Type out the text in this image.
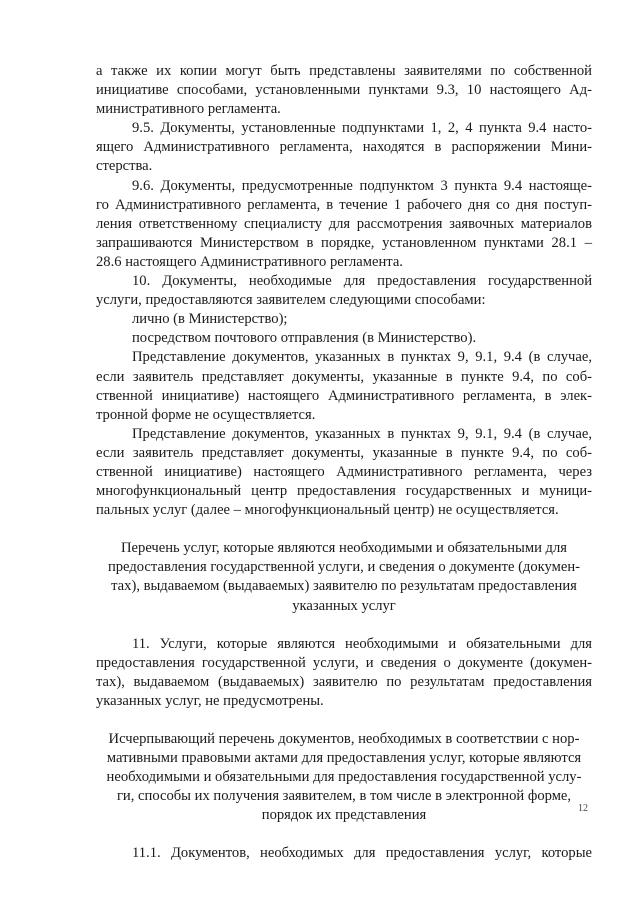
а также их копии могут быть представлены заявителями по собственной
инициативе способами, установленными пунктами 9.3, 10 настоящего Ад-
министративного регламента.
9.5. Документы, установленные подпунктами 1, 2, 4 пункта 9.4 насто-
ящего Административного регламента, находятся в распоряжении Мини-
стерства.
9.6. Документы, предусмотренные подпунктом 3 пункта 9.4 настояще-
го Административного регламента, в течение 1 рабочего дня со дня поступ-
ления ответственному специалисту для рассмотрения заявочных материалов
запрашиваются Министерством в порядке, установленном пунктами 28.1 –
28.6 настоящего Административного регламента.
10. Документы, необходимые для предоставления государственной
услуги, предоставляются заявителем следующими способами:
лично (в Министерство);
посредством почтового отправления (в Министерство).
Представление документов, указанных в пунктах 9, 9.1, 9.4 (в случае,
если заявитель представляет документы, указанные в пункте 9.4, по соб-
ственной инициативе) настоящего Административного регламента, в элек-
тронной форме не осуществляется.
Представление документов, указанных в пунктах 9, 9.1, 9.4 (в случае,
если заявитель представляет документы, указанные в пункте 9.4, по соб-
ственной инициативе) настоящего Административного регламента, через
многофункциональный центр предоставления государственных и муници-
пальных услуг (далее – многофункциональный центр) не осуществляется.
Перечень услуг, которые являются необходимыми и обязательными для
предоставления государственной услуги, и сведения о документе (докумен-
тах), выдаваемом (выдаваемых) заявителю по результатам предоставления
указанных услуг
11. Услуги, которые являются необходимыми и обязательными для
предоставления государственной услуги, и сведения о документе (докумен-
тах), выдаваемом (выдаваемых) заявителю по результатам предоставления
указанных услуг, не предусмотрены.
Исчерпывающий перечень документов, необходимых в соответствии с нор-
мативными правовыми актами для предоставления услуг, которые являются
необходимыми и обязательными для предоставления государственной услу-
ги, способы их получения заявителем, в том числе в электронной форме,
порядок их представления
11.1. Документов, необходимых для предоставления услуг, которые
12
